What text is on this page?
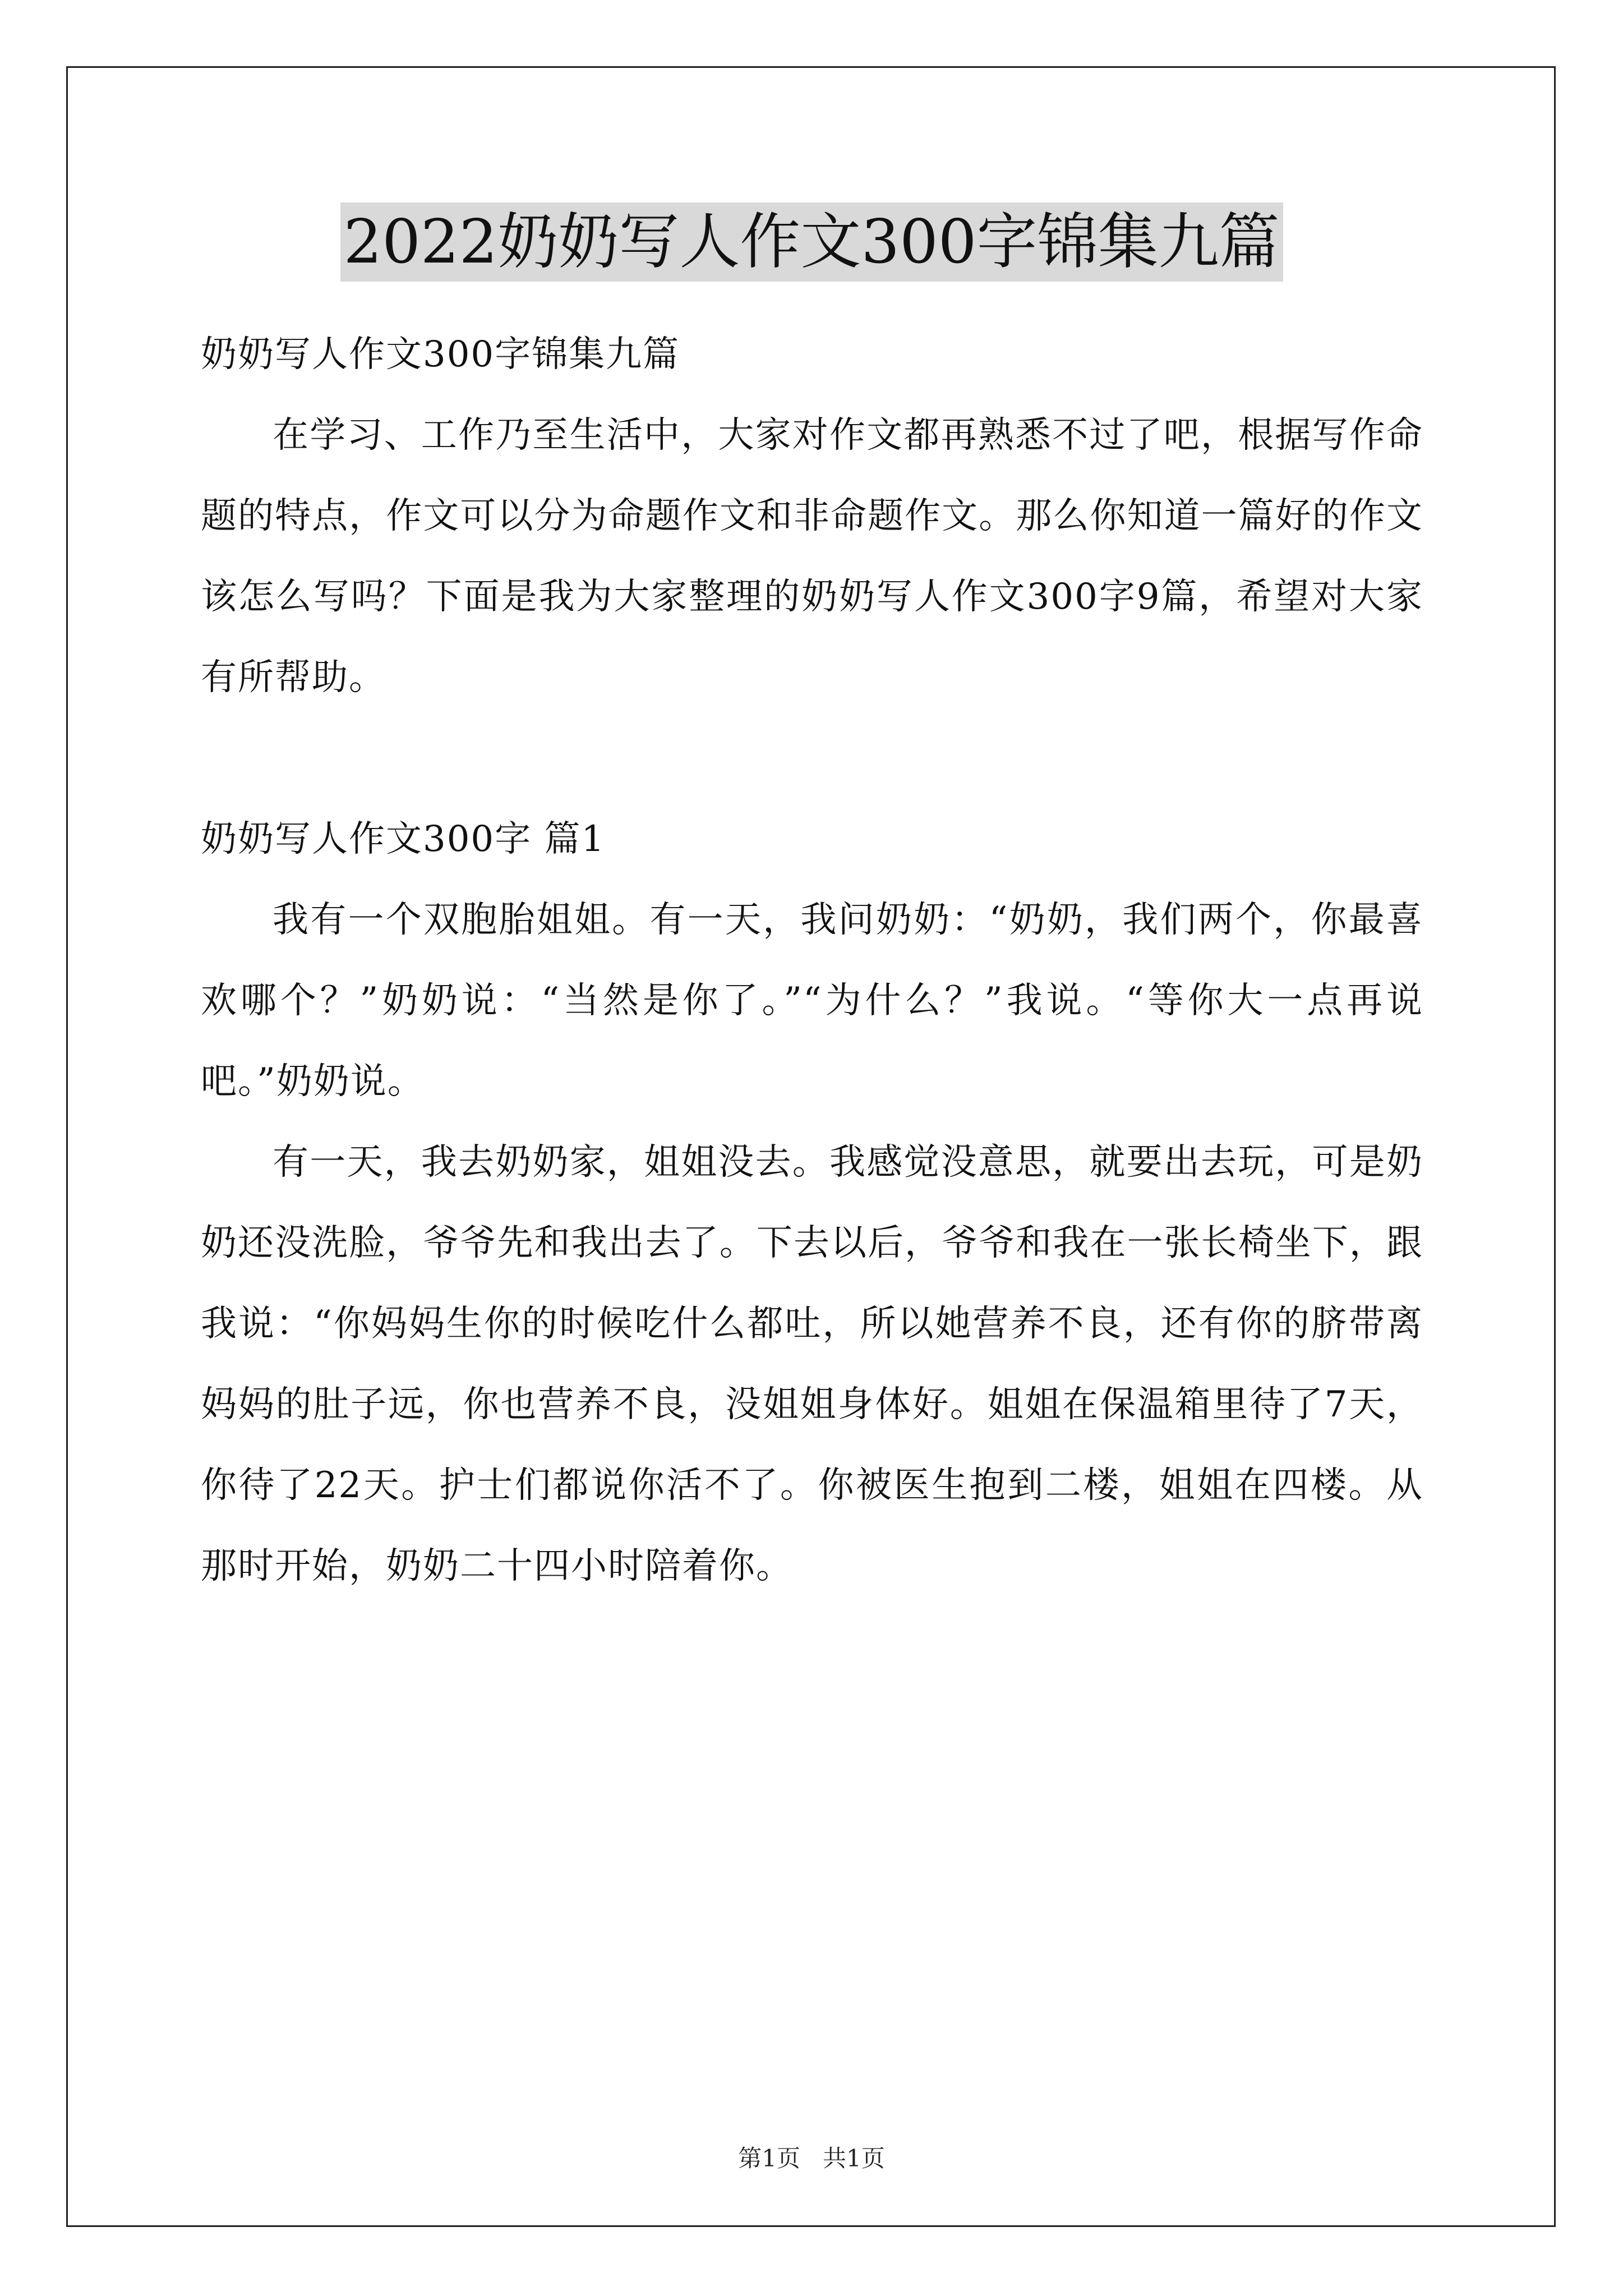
2022奶奶写人作文300字锦集九篇

奶奶写人作文300字锦集九篇

在学习、工作乃至生活中，大家对作文都再熟悉不过了吧，根据写作命题的特点，作文可以分为命题作文和非命题作文。那么你知道一篇好的作文该怎么写吗？下面是我为大家整理的奶奶写人作文300字9篇，希望对大家有所帮助。

奶奶写人作文300字 篇1

我有一个双胞胎姐姐。有一天，我问奶奶：“奶奶，我们两个，你最喜欢哪个？”奶奶说：“当然是你了。”“为什么？”我说。“等你大一点再说吧。”奶奶说。

有一天，我去奶奶家，姐姐没去。我感觉没意思，就要出去玩，可是奶奶还没洗脸，爷爷先和我出去了。下去以后，爷爷和我在一张长椅坐下，跟我说：“你妈妈生你的时候吃什么都吐，所以她营养不良，还有你的脐带离妈妈的肚子远，你也营养不良，没姐姐身体好。姐姐在保温箱里待了7天，你待了22天。护士们都说你活不了。你被医生抱到二楼，姐姐在四楼。从那时开始，奶奶二十四小时陪着你。

第1页   共1页
